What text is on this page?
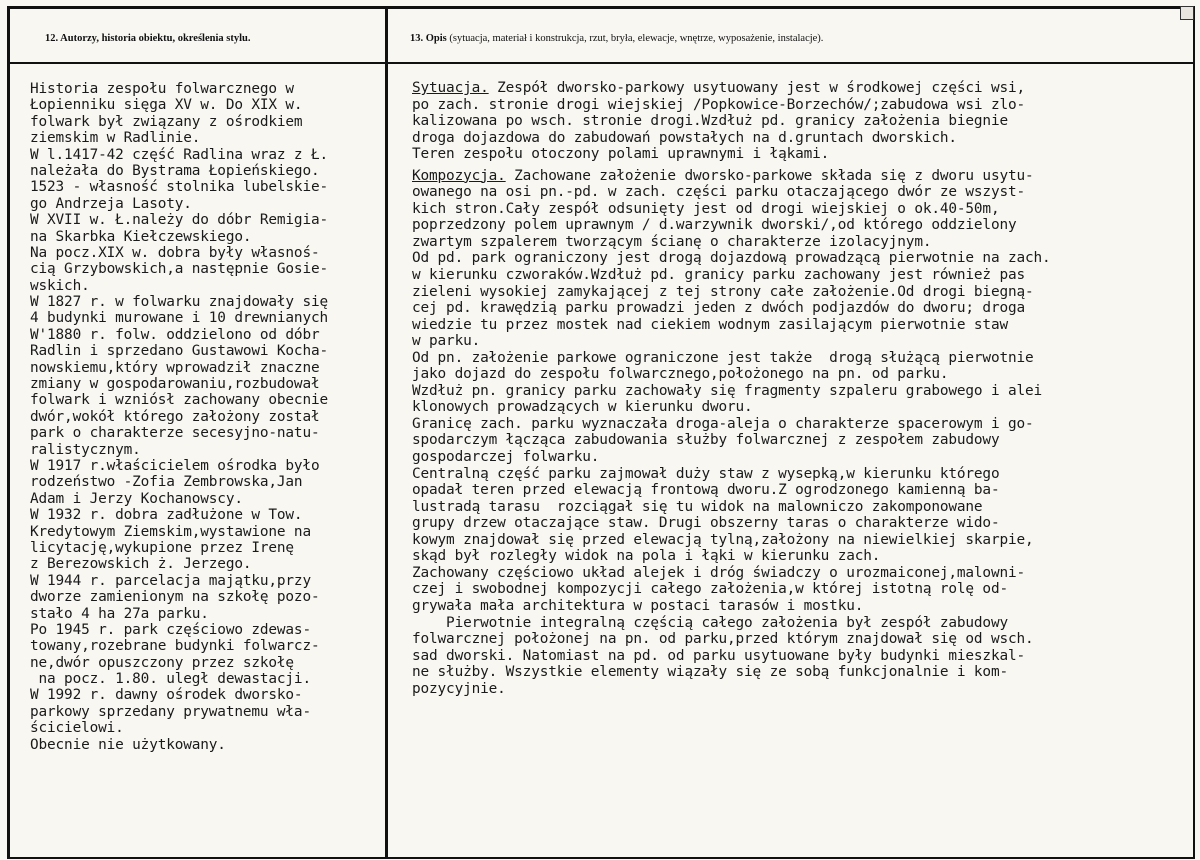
12. Autorzy, historia obiektu, określenia stylu.	13. Opis (sytuacja, materiał i konstrukcja, rzut, bryła, elewacje, wnętrze, wyposażenie, instalacje).
Historia zespołu folwarcznego w
Łopienniku sięga XV w. Do XIX w.
folwark był związany z ośrodkiem
ziemskim w Radlinie.
W l.1417-42 część Radlina wraz z Ł.
należała do Bystrama Łopieńskiego.
1523 - własność stolnika lubelskie-
go Andrzeja Lasoty.
W XVII w. Ł.należy do dóbr Remigia-
na Skarbka Kiełczewskiego.
Na pocz.XIX w. dobra były własnoś-
cią Grzybowskich,a następnie Gosie-
wskich.
W 1827 r. w folwarku znajdowały się
4 budynki murowane i 10 drewnianych
W'1880 r. folw. oddzielono od dóbr
Radlin i sprzedano Gustawowi Kocha-
nowskiemu,który wprowadził znaczne
zmiany w gospodarowaniu,rozbudował
folwark i wzniósł zachowany obecnie
dwór,wokół którego założony został
park o charakterze secesyjno-natu-
ralistycznym.
W 1917 r.właścicielem ośrodka było
rodzeństwo -Zofia Zembrowska,Jan
Adam i Jerzy Kochanowscy.
W 1932 r. dobra zadłużone w Tow.
Kredytowym Ziemskim,wystawione na
licytację,wykupione przez Irenę
z Berezowskich ż. Jerzego.
W 1944 r. parcelacja majątku,przy
dworze zamienionym na szkołę pozo-
stało 4 ha 27a parku.
Po 1945 r. park częściowo zdewas-
towany,rozebrane budynki folwarcz-
ne,dwór opuszczony przez szkołę
na pocz. 1.80. uległ dewastacji.
W 1992 r. dawny ośrodek dworsko-
parkowy sprzedany prywatnemu wła-
ścicielowi.
Obecnie nie użytkowany.
Sytuacja. Zespół dworsko-parkowy usytuowany jest w środkowej części wsi,
po zach. stronie drogi wiejskiej /Popkowice-Borzechów/;zabudowa wsi zlo-
kalizowana po wsch. stronie drogi.Wzdłuż pd. granicy założenia biegnie
droga dojazdowa do zabudowań powstałych na d.gruntach dworskich.
Teren zespołu otoczony polami uprawnymi i łąkami.
Kompozycja. Zachowane założenie dworsko-parkowe składa się z dworu usytu-
owanego na osi pn.-pd. w zach. części parku otaczającego dwór ze wszyst-
kich stron.Cały zespół odsunięty jest od drogi wiejskiej o ok.40-50m,
poprzedzony polem uprawnym / d.warzywnik dworski/,od którego oddzielony
zwartym szpalerem tworzącym ścianę o charakterze izolacyjnym.
Od pd. park ograniczony jest drogą dojazdową prowadzącą pierwotnie na zach.
w kierunku czworaków.Wzdłuż pd. granicy parku zachowany jest również pas
zieleni wysokiej zamykającej z tej strony całe założenie.Od drogi biegną-
cej pd. krawędzią parku prowadzi jeden z dwóch podjazdów do dworu; droga
wiedzie tu przez mostek nad ciekiem wodnym zasilającym pierwotnie staw
w parku.
Od pn. założenie parkowe ograniczone jest także  drogą służącą pierwotnie
jako dojazd do zespołu folwarcznego,położonego na pn. od parku.
Wzdłuż pn. granicy parku zachowały się fragmenty szpaleru grabowego i alei
klonowych prowadzących w kierunku dworu.
Granicę zach. parku wyznaczała droga-aleja o charakterze spacerowym i go-
spodarczym łącząca zabudowania służby folwarcznej z zespołem zabudowy
gospodarczej folwarku.
Centralną część parku zajmował duży staw z wysepką,w kierunku którego
opadał teren przed elewacją frontową dworu.Z ogrodzonego kamienną ba-
lustradą tarasu  rozciągał się tu widok na malowniczo zakomponowane
grupy drzew otaczające staw. Drugi obszerny taras o charakterze wido-
kowym znajdował się przed elewacją tylną,założony na niewielkiej skarpie,
skąd był rozległy widok na pola i łąki w kierunku zach.
Zachowany częściowo układ alejek i dróg świadczy o urozmaiconej,malowni-
czej i swobodnej kompozycji całego założenia,w której istotną rolę od-
grywała mała architektura w postaci tarasów i mostku.
Pierwotnie integralną częścią całego założenia był zespół zabudowy
folwarcznej położonej na pn. od parku,przed którym znajdował się od wsch.
sad dworski. Natomiast na pd. od parku usytuowane były budynki mieszkal-
ne służby. Wszystkie elementy wiązały się ze sobą funkcjonalnie i kom-
pozycyjnie.
